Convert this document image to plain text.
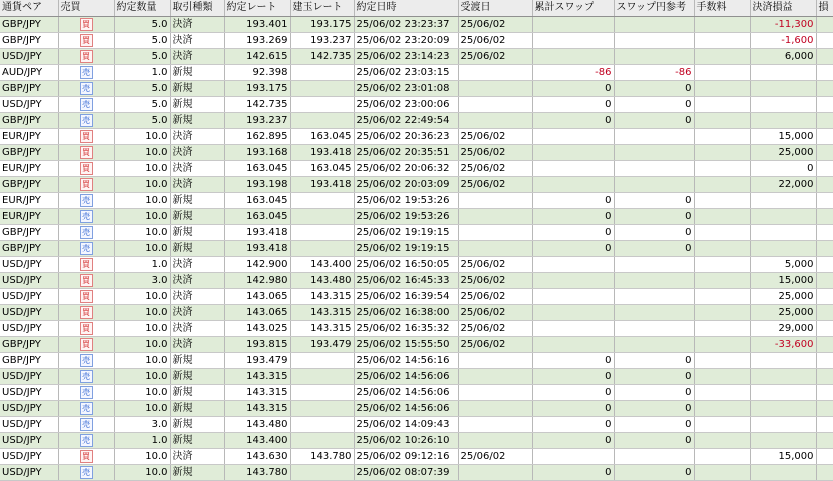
通貨ペア	売買	約定数量	取引種類	約定レート	建玉レート	約定日時	受渡日	累計スワップ	スワップ円参考	手数料	決済損益	損
GBP/JPY	買	5.0	決済	193.401	193.175	25/06/02 23:23:37	25/06/02				-11,300	
GBP/JPY	買	5.0	決済	193.269	193.237	25/06/02 23:20:09	25/06/02				-1,600	
USD/JPY	買	5.0	決済	142.615	142.735	25/06/02 23:14:23	25/06/02				6,000	
AUD/JPY	売	1.0	新規	92.398		25/06/02 23:03:15		-86	-86			
GBP/JPY	売	5.0	新規	193.175		25/06/02 23:01:08		0	0			
USD/JPY	売	5.0	新規	142.735		25/06/02 23:00:06		0	0			
GBP/JPY	売	5.0	新規	193.237		25/06/02 22:49:54		0	0			
EUR/JPY	買	10.0	決済	162.895	163.045	25/06/02 20:36:23	25/06/02				15,000	
GBP/JPY	買	10.0	決済	193.168	193.418	25/06/02 20:35:51	25/06/02				25,000	
EUR/JPY	買	10.0	決済	163.045	163.045	25/06/02 20:06:32	25/06/02				0	
GBP/JPY	買	10.0	決済	193.198	193.418	25/06/02 20:03:09	25/06/02				22,000	
EUR/JPY	売	10.0	新規	163.045		25/06/02 19:53:26		0	0			
EUR/JPY	売	10.0	新規	163.045		25/06/02 19:53:26		0	0			
GBP/JPY	売	10.0	新規	193.418		25/06/02 19:19:15		0	0			
GBP/JPY	売	10.0	新規	193.418		25/06/02 19:19:15		0	0			
USD/JPY	買	1.0	決済	142.900	143.400	25/06/02 16:50:05	25/06/02				5,000	
USD/JPY	買	3.0	決済	142.980	143.480	25/06/02 16:45:33	25/06/02				15,000	
USD/JPY	買	10.0	決済	143.065	143.315	25/06/02 16:39:54	25/06/02				25,000	
USD/JPY	買	10.0	決済	143.065	143.315	25/06/02 16:38:00	25/06/02				25,000	
USD/JPY	買	10.0	決済	143.025	143.315	25/06/02 16:35:32	25/06/02				29,000	
GBP/JPY	買	10.0	決済	193.815	193.479	25/06/02 15:55:50	25/06/02				-33,600	
GBP/JPY	売	10.0	新規	193.479		25/06/02 14:56:16		0	0			
USD/JPY	売	10.0	新規	143.315		25/06/02 14:56:06		0	0			
USD/JPY	売	10.0	新規	143.315		25/06/02 14:56:06		0	0			
USD/JPY	売	10.0	新規	143.315		25/06/02 14:56:06		0	0			
USD/JPY	売	3.0	新規	143.480		25/06/02 14:09:43		0	0			
USD/JPY	売	1.0	新規	143.400		25/06/02 10:26:10		0	0			
USD/JPY	買	10.0	決済	143.630	143.780	25/06/02 09:12:16	25/06/02				15,000	
USD/JPY	売	10.0	新規	143.780		25/06/02 08:07:39		0	0			
